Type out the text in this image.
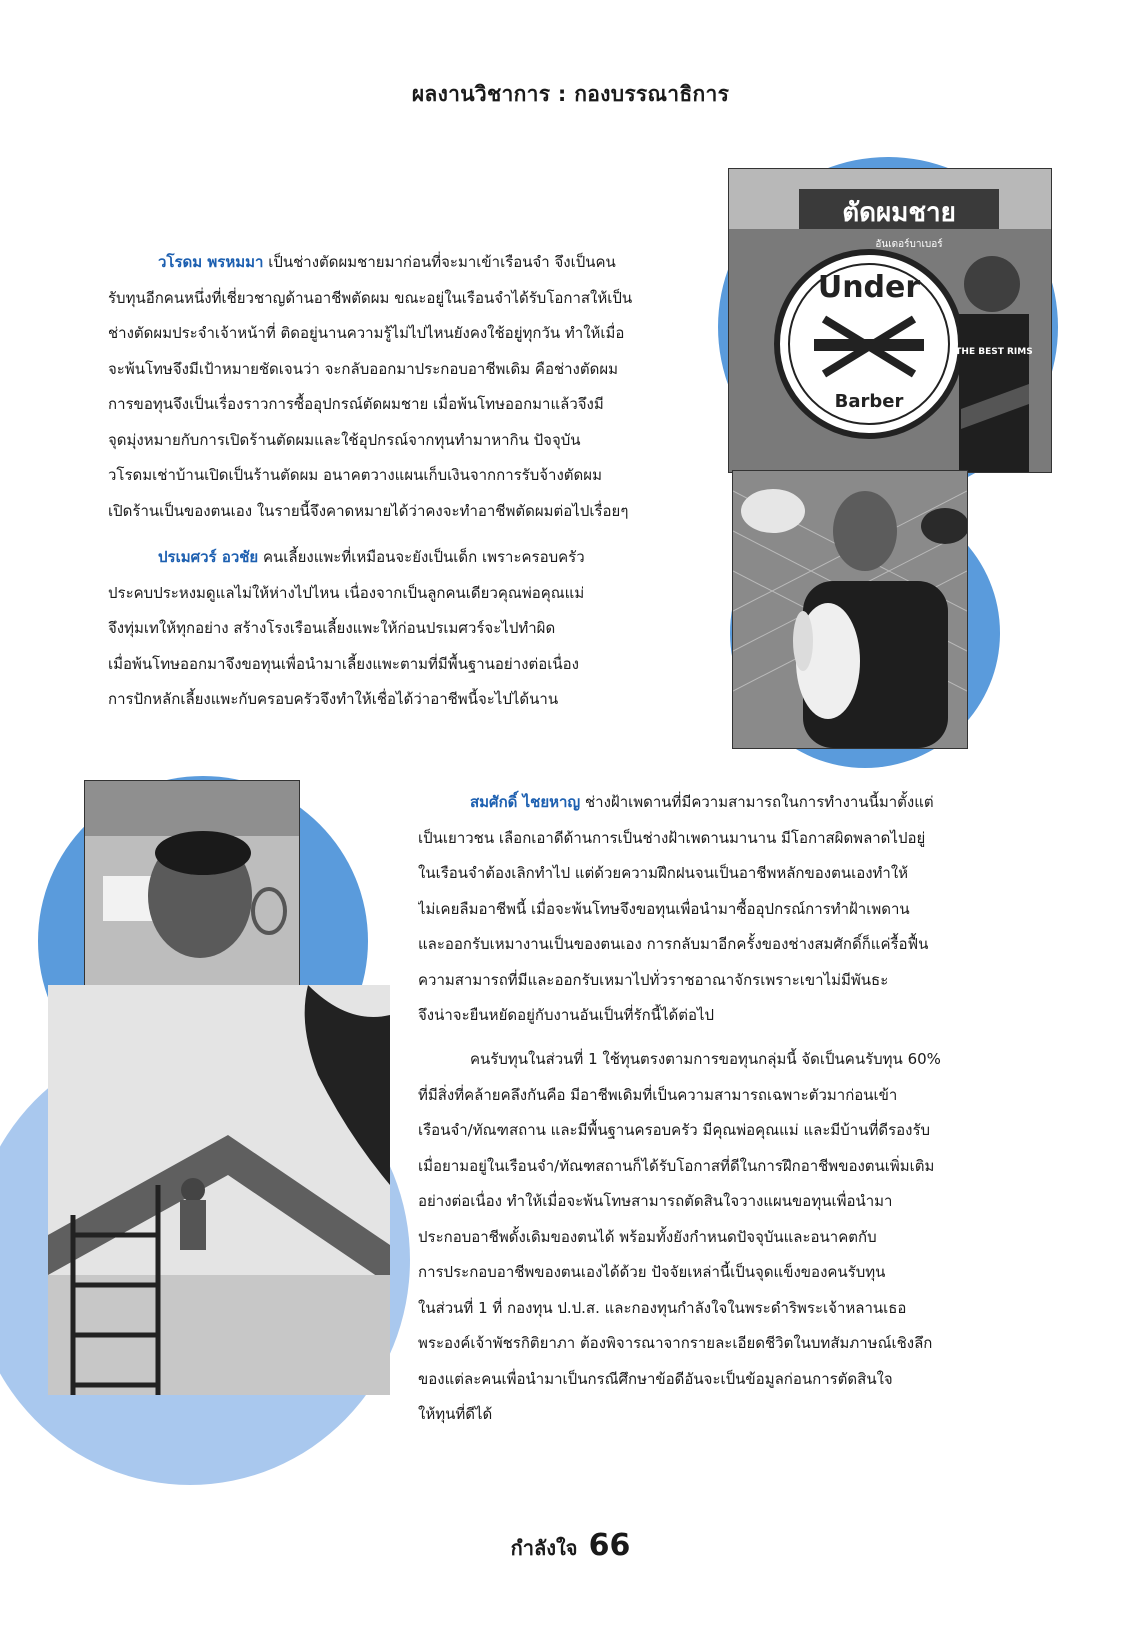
ผลงานวิชาการ : กองบรรณาธิการ
ตัดผมชาย
อันเดอร์บาเบอร์
Under
Barber
THE BEST RIMS
วโรดม พรหมมา เป็นช่างตัดผมชายมาก่อนที่จะมาเข้าเรือนจำ จึงเป็นคน
รับทุนอีกคนหนึ่งที่เชี่ยวชาญด้านอาชีพตัดผม ขณะอยู่ในเรือนจำได้รับโอกาสให้เป็น
ช่างตัดผมประจำเจ้าหน้าที่ ติดอยู่นานความรู้ไม่ไปไหนยังคงใช้อยู่ทุกวัน ทำให้เมื่อ
จะพ้นโทษจึงมีเป้าหมายชัดเจนว่า จะกลับออกมาประกอบอาชีพเดิม คือช่างตัดผม
การขอทุนจึงเป็นเรื่องราวการซื้ออุปกรณ์ตัดผมชาย เมื่อพ้นโทษออกมาแล้วจึงมี
จุดมุ่งหมายกับการเปิดร้านตัดผมและใช้อุปกรณ์จากทุนทำมาหากิน ปัจจุบัน
วโรดมเช่าบ้านเปิดเป็นร้านตัดผม อนาคตวางแผนเก็บเงินจากการรับจ้างตัดผม
เปิดร้านเป็นของตนเอง ในรายนี้จึงคาดหมายได้ว่าคงจะทำอาชีพตัดผมต่อไปเรื่อยๆ
ปรเมศวร์ อวชัย คนเลี้ยงแพะที่เหมือนจะยังเป็นเด็ก เพราะครอบครัว
ประคบประหงมดูแลไม่ให้ห่างไปไหน เนื่องจากเป็นลูกคนเดียวคุณพ่อคุณแม่
จึงทุ่มเทให้ทุกอย่าง สร้างโรงเรือนเลี้ยงแพะให้ก่อนปรเมศวร์จะไปทำผิด
เมื่อพ้นโทษออกมาจึงขอทุนเพื่อนำมาเลี้ยงแพะตามที่มีพื้นฐานอย่างต่อเนื่อง
การปักหลักเลี้ยงแพะกับครอบครัวจึงทำให้เชื่อได้ว่าอาชีพนี้จะไปได้นาน
สมศักดิ์ ไชยหาญ ช่างฝ้าเพดานที่มีความสามารถในการทำงานนี้มาตั้งแต่
เป็นเยาวชน เลือกเอาดีด้านการเป็นช่างฝ้าเพดานมานาน มีโอกาสผิดพลาดไปอยู่
ในเรือนจำต้องเลิกทำไป แต่ด้วยความฝึกฝนจนเป็นอาชีพหลักของตนเองทำให้
ไม่เคยลืมอาชีพนี้ เมื่อจะพ้นโทษจึงขอทุนเพื่อนำมาซื้ออุปกรณ์การทำฝ้าเพดาน
และออกรับเหมางานเป็นของตนเอง การกลับมาอีกครั้งของช่างสมศักดิ์ก็แค่รื้อฟื้น
ความสามารถที่มีและออกรับเหมาไปทั่วราชอาณาจักรเพราะเขาไม่มีพันธะ
จึงน่าจะยืนหยัดอยู่กับงานอันเป็นที่รักนี้ได้ต่อไป
คนรับทุนในส่วนที่ 1 ใช้ทุนตรงตามการขอทุนกลุ่มนี้ จัดเป็นคนรับทุน 60%
ที่มีสิ่งที่คล้ายคลึงกันคือ มีอาชีพเดิมที่เป็นความสามารถเฉพาะตัวมาก่อนเข้า
เรือนจำ/ทัณฑสถาน และมีพื้นฐานครอบครัว มีคุณพ่อคุณแม่ และมีบ้านที่ดีรองรับ
เมื่อยามอยู่ในเรือนจำ/ทัณฑสถานก็ได้รับโอกาสที่ดีในการฝึกอาชีพของตนเพิ่มเติม
อย่างต่อเนื่อง ทำให้เมื่อจะพ้นโทษสามารถตัดสินใจวางแผนขอทุนเพื่อนำมา
ประกอบอาชีพดั้งเดิมของตนได้ พร้อมทั้งยังกำหนดปัจจุบันและอนาคตกับ
การประกอบอาชีพของตนเองได้ด้วย ปัจจัยเหล่านี้เป็นจุดแข็งของคนรับทุน
ในส่วนที่ 1 ที่ กองทุน ป.ป.ส. และกองทุนกำลังใจในพระดำริพระเจ้าหลานเธอ
พระองค์เจ้าพัชรกิติยาภา ต้องพิจารณาจากรายละเอียดชีวิตในบทสัมภาษณ์เชิงลึก
ของแต่ละคนเพื่อนำมาเป็นกรณีศึกษาข้อดีอันจะเป็นข้อมูลก่อนการตัดสินใจ
ให้ทุนที่ดีได้
กำลังใจ 66
